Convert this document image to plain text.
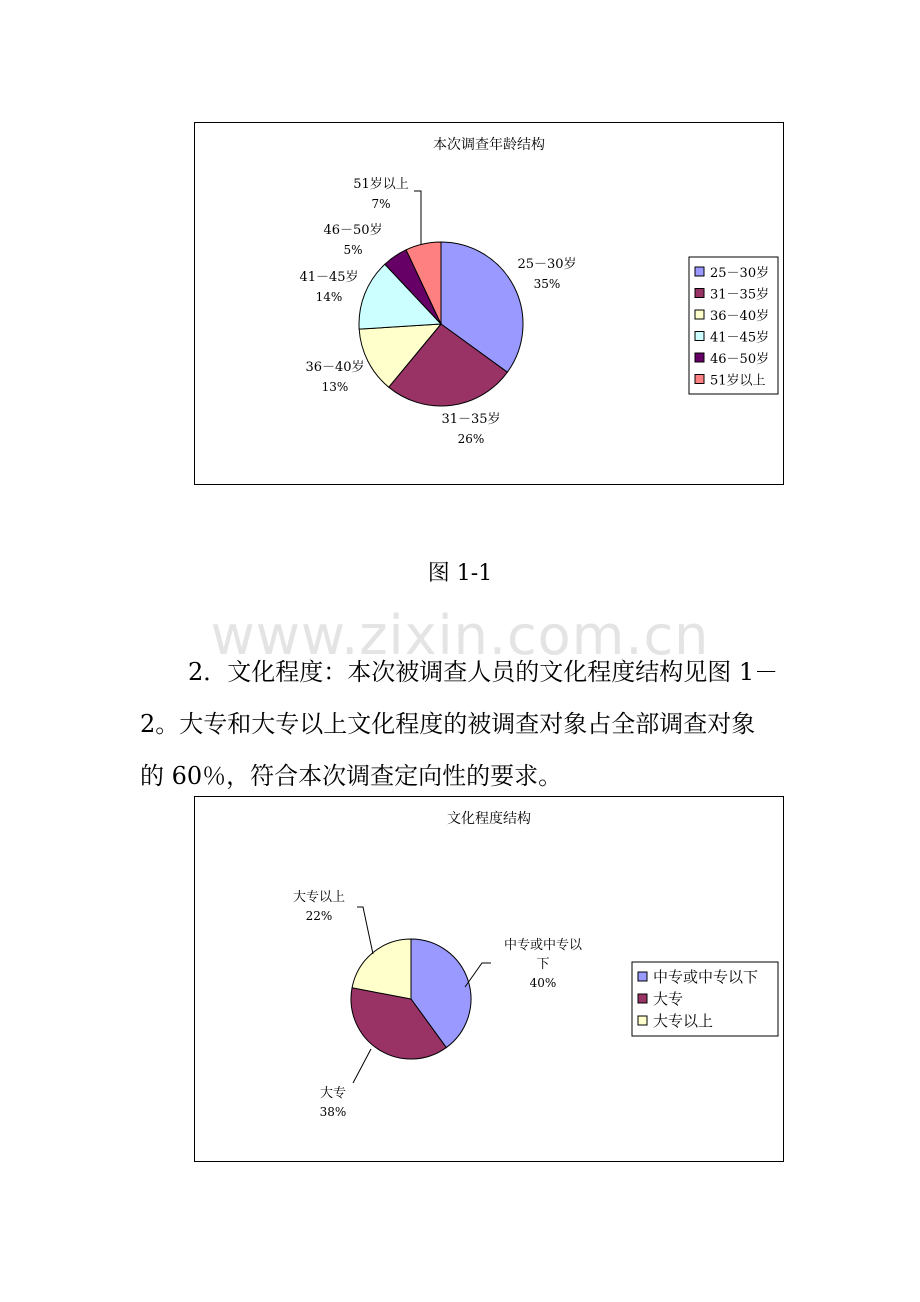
本次调查年龄结构
25－30岁
35%
31－35岁
26%
36－40岁
13%
41－45岁
14%
46－50岁
5%
51岁以上
7%
25－30岁
31－35岁
36－40岁
41－45岁
46－50岁
51岁以上
图 1-1
www.zixin.com.cn
2．文化程度：本次被调查人员的文化程度结构见图 1－
2。大专和大专以上文化程度的被调查对象占全部调查对象
的 60％，符合本次调查定向性的要求。
文化程度结构
中专或中专以
下
40%
大专
38%
大专以上
22%
中专或中专以下
大专
大专以上
